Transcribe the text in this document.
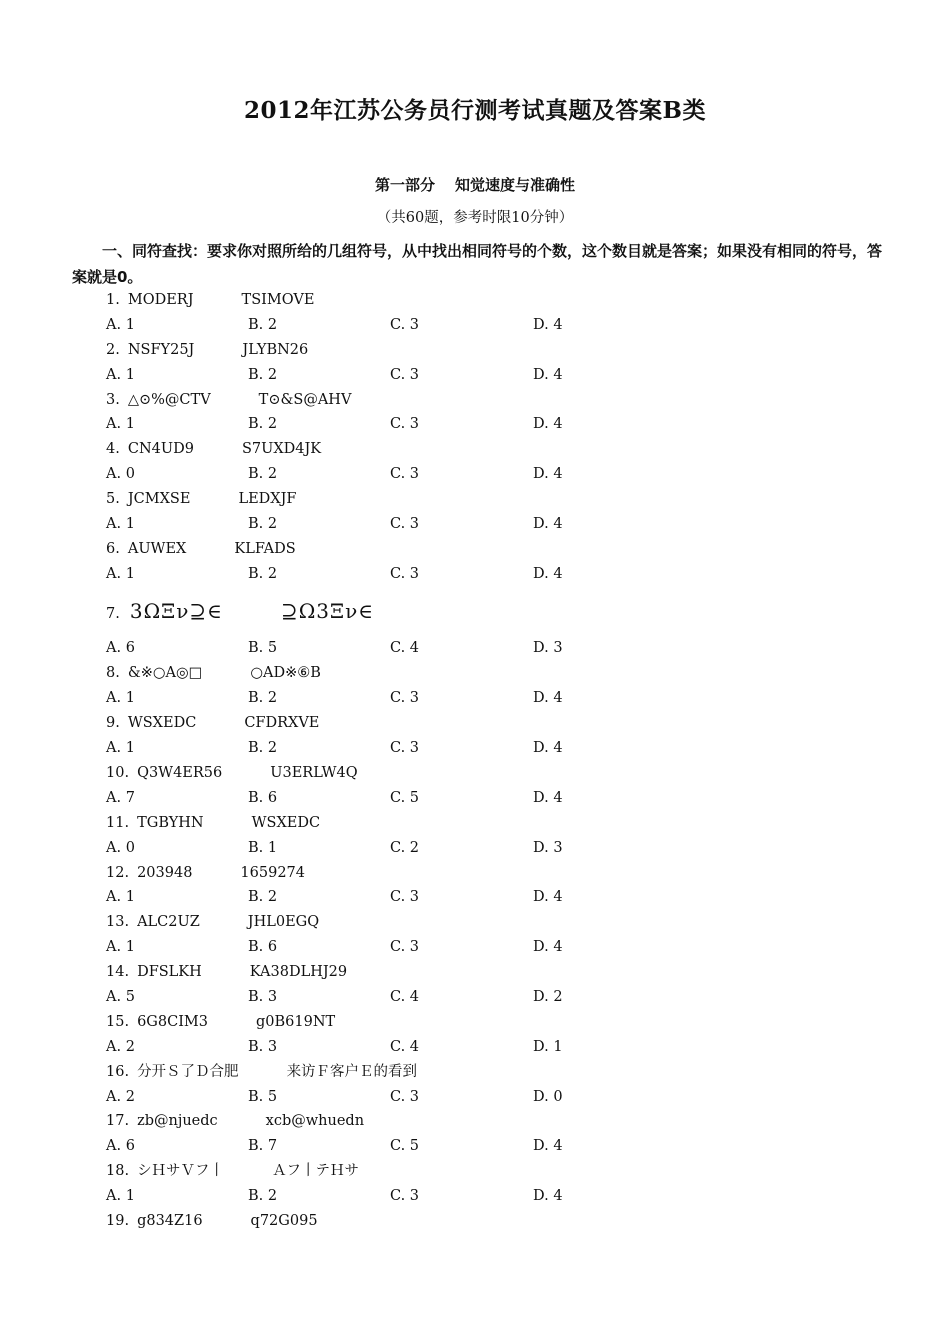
2012年江苏公务员行测考试真题及答案B类
第一部分 知觉速度与准确性
（共60题，参考时限10分钟）
一、同符查找：要求你对照所给的几组符号，从中找出相同符号的个数，这个数目就是答案；如果没有相同的符号，答案就是0。
1. MODERJ	TSIMOVE
A. 1	B. 2	C. 3	D. 4
2. NSFY25J	JLYBN26
A. 1	B. 2	C. 3	D. 4
3. △⊙%@CTV	T⊙&S@AHV
A. 1	B. 2	C. 3	D. 4
4. CN4UD9	S7UXD4JK
A. 0	B. 2	C. 3	D. 4
5. JCMXSE	LEDXJF
A. 1	B. 2	C. 3	D. 4
6. AUWEX	KLFADS
A. 1	B. 2	C. 3	D. 4
7. 3ΩΞν⊇∈	⊇Ω3Ξν∈
A. 6	B. 5	C. 4	D. 3
8. &※○A◎□	○AD※⑥B
A. 1	B. 2	C. 3	D. 4
9. WSXEDC	CFDRXVE
A. 1	B. 2	C. 3	D. 4
10. Q3W4ER56	U3ERLW4Q
A. 7	B. 6	C. 5	D. 4
11. TGBYHN	WSXEDC
A. 0	B. 1	C. 2	D. 3
12. 203948	1659274
A. 1	B. 2	C. 3	D. 4
13. ALC2UZ	JHL0EGQ
A. 1	B. 6	C. 3	D. 4
14. DFSLKH	KA38DLHJ29
A. 5	B. 3	C. 4	D. 2
15. 6G8CIM3	g0B619NT
A. 2	B. 3	C. 4	D. 1
16. 分开Ｓ了Ｄ合肥	来访Ｆ客户Ｅ的看到
A. 2	B. 5	C. 3	D. 0
17. zb@njuedc	xcb@whuedn
A. 6	B. 7	C. 5	D. 4
18. シＨサＶフ丨	Ａフ丨テＨサ
A. 1	B. 2	C. 3	D. 4
19. g834Z16	q72G095
